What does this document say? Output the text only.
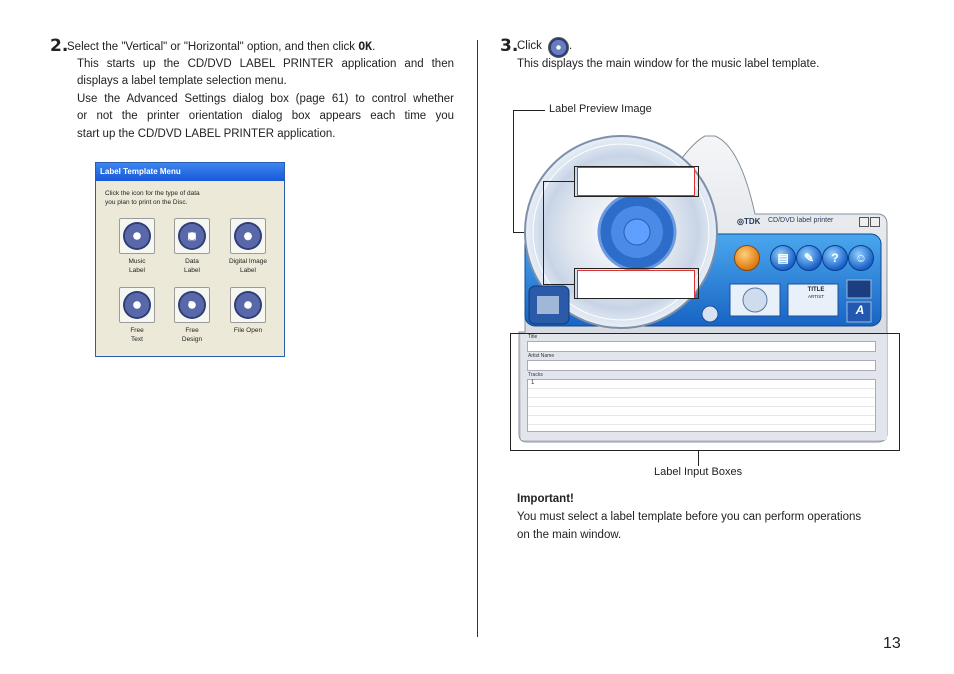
2.
Select the "Vertical" or "Horizontal" option, and then click OK.
This starts up the CD/DVD LABEL PRINTER application and then
displays a label template selection menu.
Use the Advanced Settings dialog box (page 61) to control whether
or not the printer orientation dialog box appears each time you
start up the CD/DVD LABEL PRINTER application.
Label Template Menu
Click the icon for the type of data
you plan to print on the Disc.
♪
Music
Label
▤
Data
Label
◉
Digital Image
Label
≡
Free
Text
✎
Free
Design
▰
File Open
3.
Click .
This displays the main window for the music label template.
Label Preview Image
◎TDK CD/DVD label printer
▤	✎	?	☺
TITLE
ARTIST
A
Title
Artist Name
Tracks
1
Label Input Boxes
Important!
You must select a label template before you can perform operations
on the main window.
13
